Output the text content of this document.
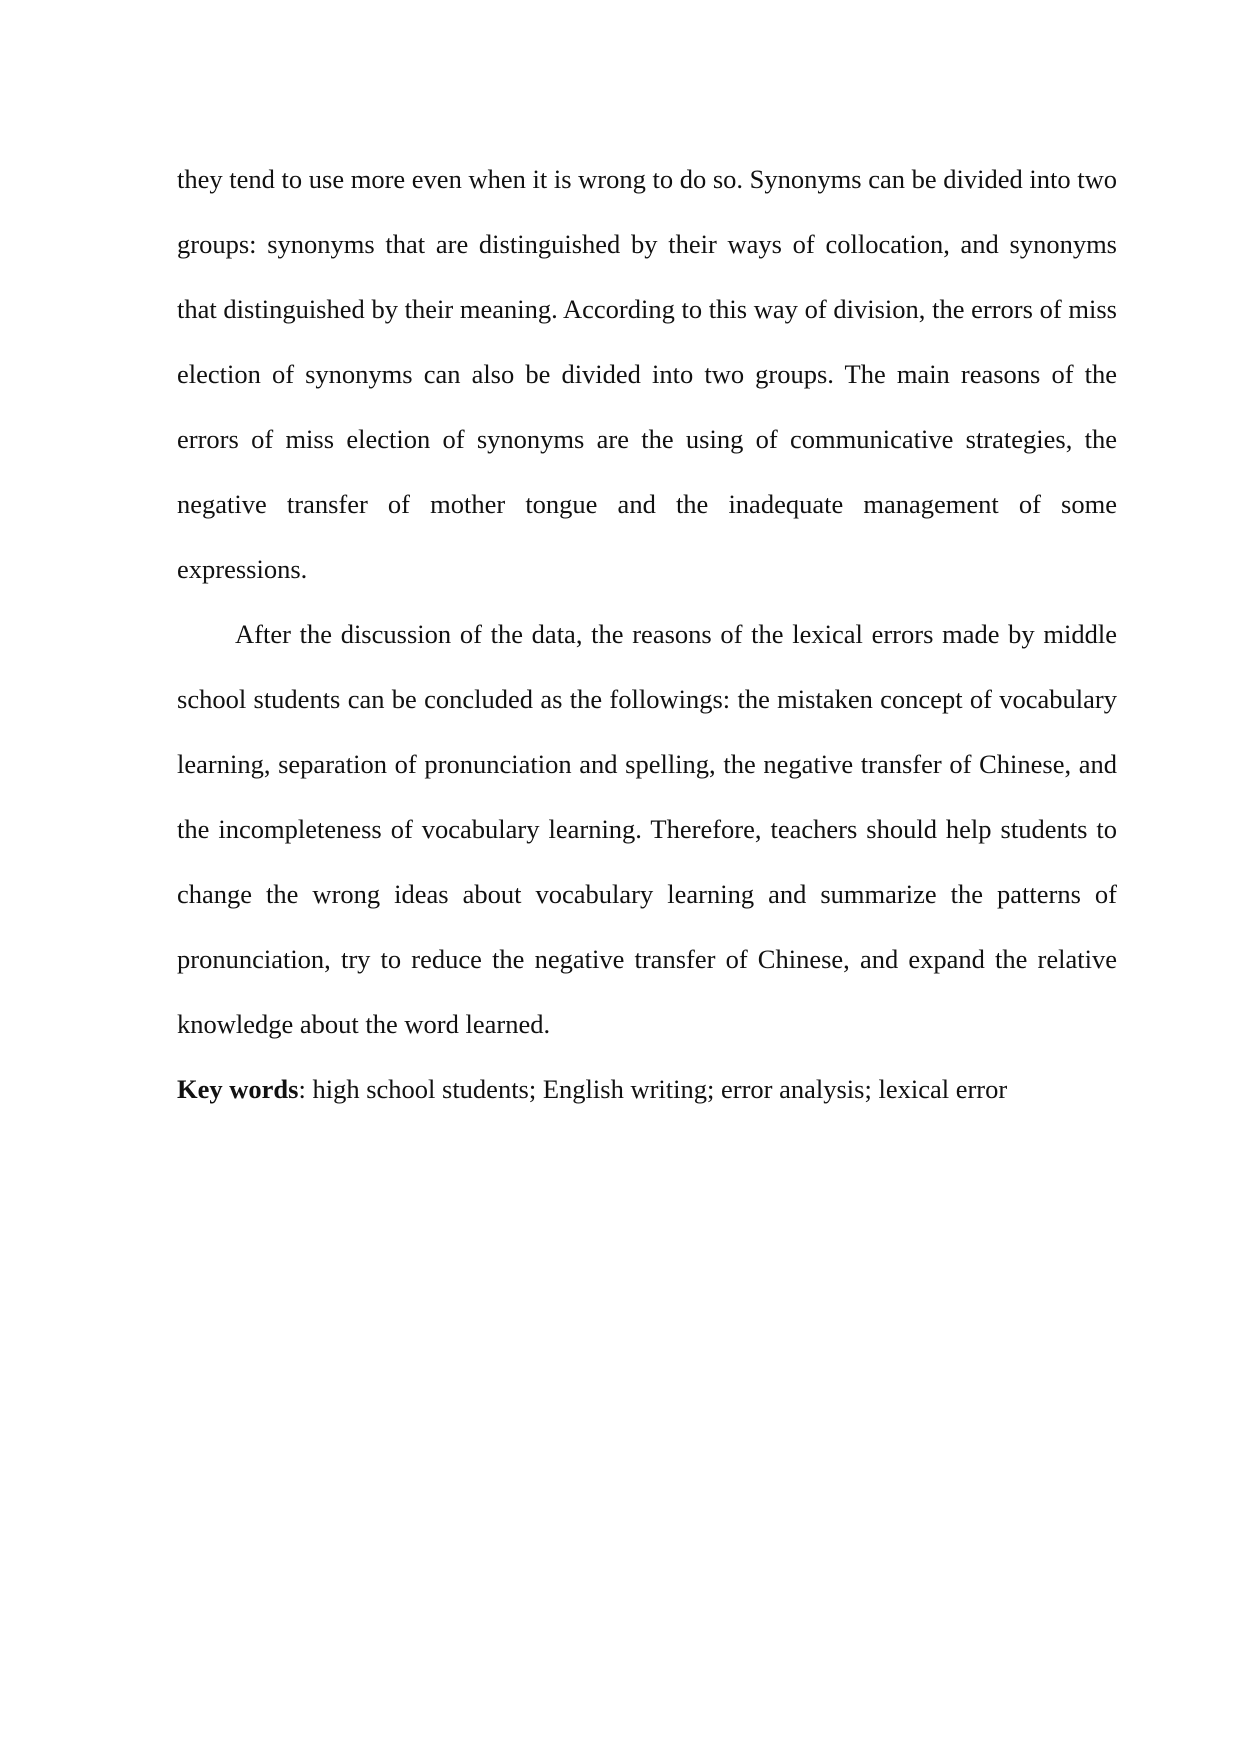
they tend to use more even when it is wrong to do so. Synonyms can be divided into two groups: synonyms that are distinguished by their ways of collocation, and synonyms that distinguished by their meaning. According to this way of division, the errors of miss election of synonyms can also be divided into two groups. The main reasons of the errors of miss election of synonyms are the using of communicative strategies, the negative transfer of mother tongue and the inadequate management of some expressions.

After the discussion of the data, the reasons of the lexical errors made by middle school students can be concluded as the followings: the mistaken concept of vocabulary learning, separation of pronunciation and spelling, the negative transfer of Chinese, and the incompleteness of vocabulary learning. Therefore, teachers should help students to change the wrong ideas about vocabulary learning and summarize the patterns of pronunciation, try to reduce the negative transfer of Chinese, and expand the relative knowledge about the word learned.

Key words: high school students; English writing; error analysis; lexical error
